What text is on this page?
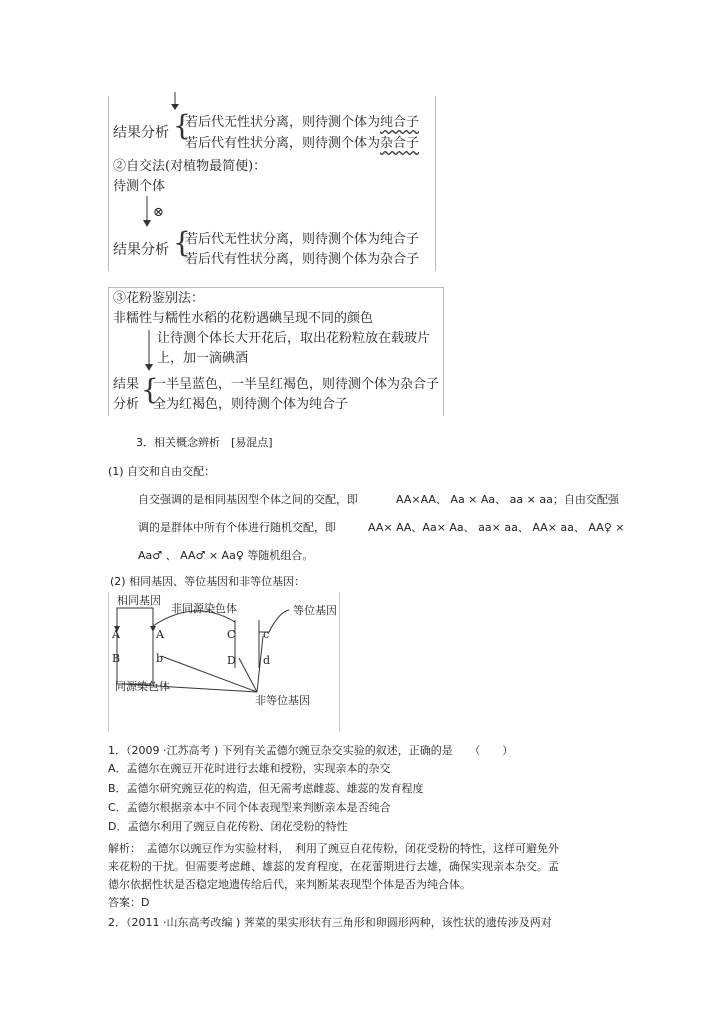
结果分析 {
若后代无性状分离，则待测个体为纯合子
若后代有性状分离，则待测个体为杂合子
②自交法(对植物最简便)：
待测个体
⊗
结果分析 {
若后代无性状分离，则待测个体为纯合子
若后代有性状分离，则待测个体为杂合子
③花粉鉴别法：
非糯性与糯性水稻的花粉遇碘呈现不同的颜色
让待测个体长大开花后，取出花粉粒放在载玻片
上，加一滴碘酒
结果
分析 {
一半呈蓝色，一半呈红褐色，则待测个体为杂合子
全为红褐色，则待测个体为纯合子
3．相关概念辨析　[易混点]
(1) 自交和自由交配：
自交强调的是相同基因型个体之间的交配，即	AA×AA、 Aa × Aa、 aa × aa；自由交配强
调的是群体中所有个体进行随机交配，即	AA× AA、Aa× Aa、 aa× aa、 AA× aa、 AA♀ ×
Aa♂ 、 AA♂ × Aa♀ 等随机组合。
(2) 相同基因、等位基因和非等位基因：
相同基因
非同源染色体	等位基因
A	A
B	b
C	c
D d
同源染色体
非等位基因
1．（2009 ·江苏高考 ) 下列有关孟德尔豌豆杂交实验的叙述，正确的是　　（　　）
A．孟德尔在豌豆开花时进行去雄和授粉，实现亲本的杂交
B．孟德尔研究豌豆花的构造，但无需考虑雌蕊、雄蕊的发育程度
C．孟德尔根据亲本中不同个体表现型来判断亲本是否纯合
D．孟德尔利用了豌豆自花传粉、闭花受粉的特性
解析：　孟德尔以豌豆作为实验材料，　利用了豌豆自花传粉，闭花受粉的特性，这样可避免外
来花粉的干扰。但需要考虑雌、雄蕊的发育程度，在花蕾期进行去雄，确保实现亲本杂交。孟
德尔依据性状是否稳定地遗传给后代，来判断某表现型个体是否为纯合体。
答案：D
2．（2011 ·山东高考改编 ) 荠菜的果实形状有三角形和卵圆形两种，该性状的遗传涉及两对
